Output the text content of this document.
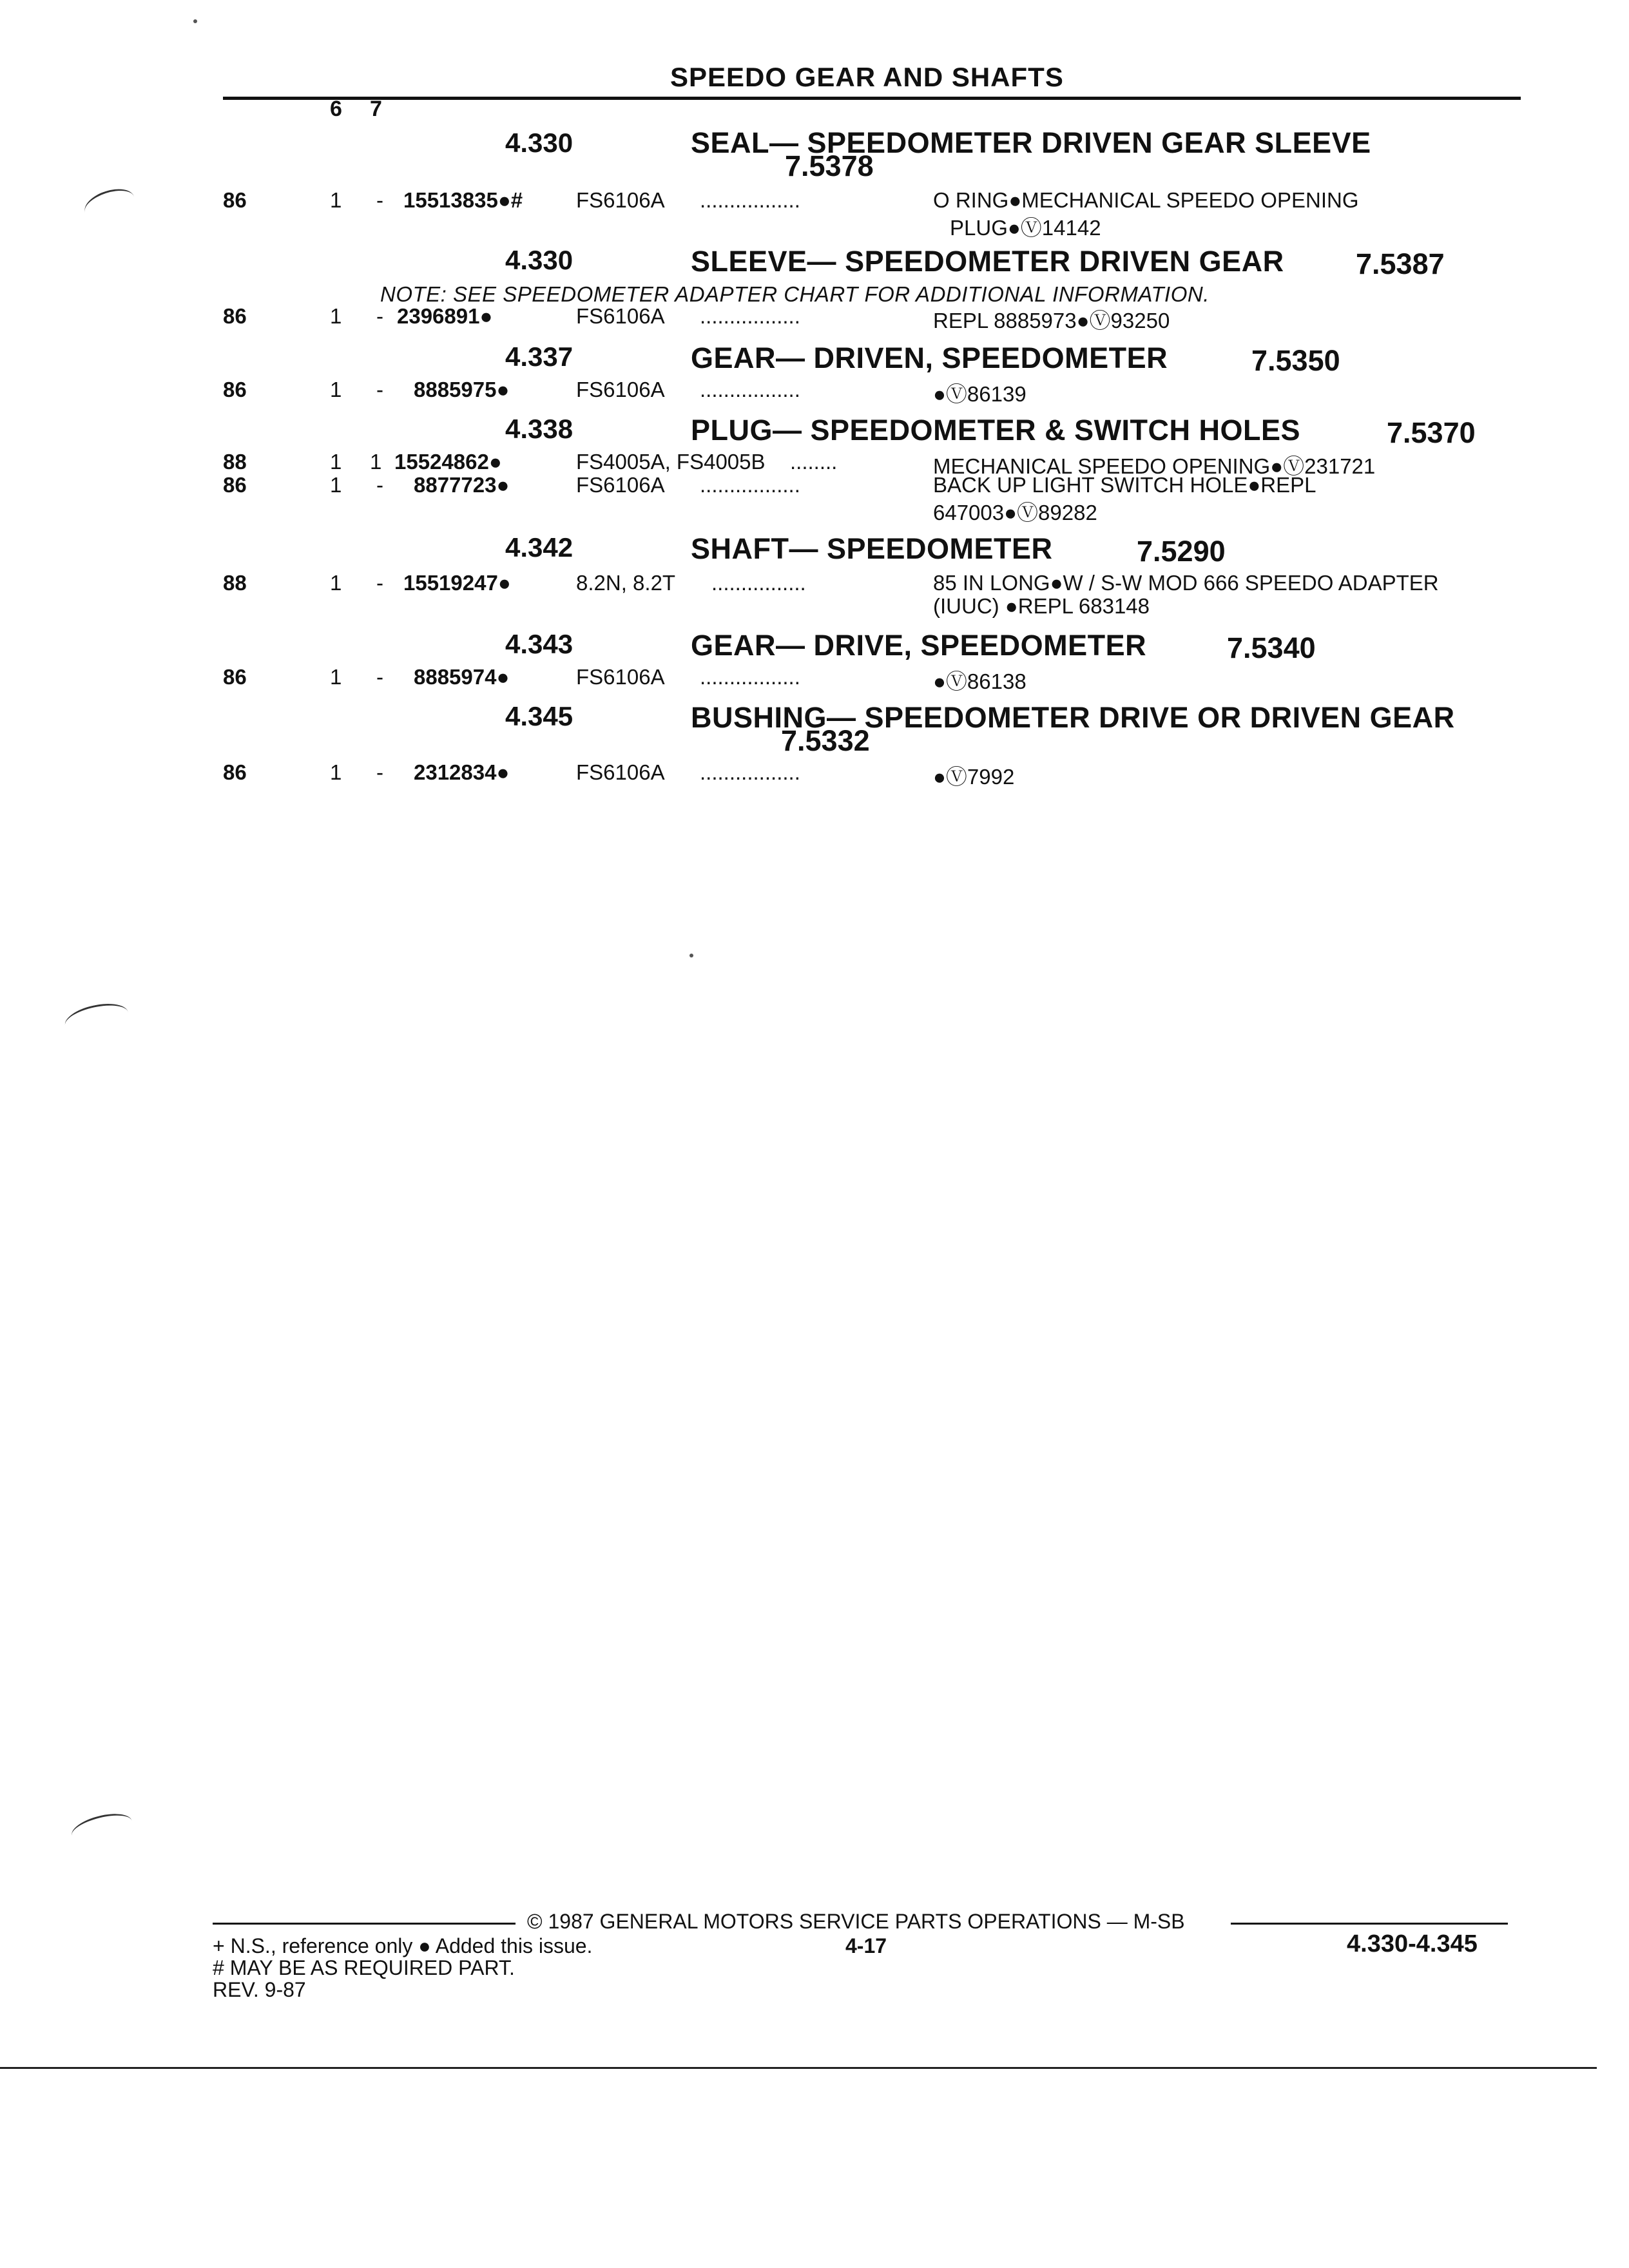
SPEEDO GEAR AND SHAFTS
6 7
4.330	SEAL— SPEEDOMETER DRIVEN GEAR SLEEVE
7.5378
86	1 - 15513835●#	FS6106A .................	O RING●MECHANICAL SPEEDO OPENING
PLUG●Ⓥ14142
4.330	SLEEVE— SPEEDOMETER DRIVEN GEAR 7.5387
NOTE: SEE SPEEDOMETER ADAPTER CHART FOR ADDITIONAL INFORMATION.
86	1 - 2396891●	FS6106A .................	REPL 8885973●Ⓥ93250
4.337	GEAR— DRIVEN, SPEEDOMETER	7.5350
86	1 - 8885975●	FS6106A .................	●Ⓥ86139
4.338	PLUG— SPEEDOMETER & SWITCH HOLES	7.5370
88	1 1 15524862●	FS4005A, FS4005B ........	MECHANICAL SPEEDO OPENING●Ⓥ231721
86	1 - 8877723●	FS6106A .................	BACK UP LIGHT SWITCH HOLE●REPL
647003●Ⓥ89282
4.342	SHAFT— SPEEDOMETER	7.5290
88	1 - 15519247●	8.2N, 8.2T ................	85 IN LONG●W / S-W MOD 666 SPEEDO ADAPTER
(IUUC) ●REPL 683148
4.343	GEAR— DRIVE, SPEEDOMETER	7.5340
86	1 - 8885974●	FS6106A .................	●Ⓥ86138
4.345	BUSHING— SPEEDOMETER DRIVE OR DRIVEN GEAR
7.5332
86	1 - 2312834●	FS6106A .................	●Ⓥ7992
© 1987 GENERAL MOTORS SERVICE PARTS OPERATIONS — M-SB
+ N.S., reference only ● Added this issue.
# MAY BE AS REQUIRED PART.
REV. 9-87
4-17	4.330-4.345
